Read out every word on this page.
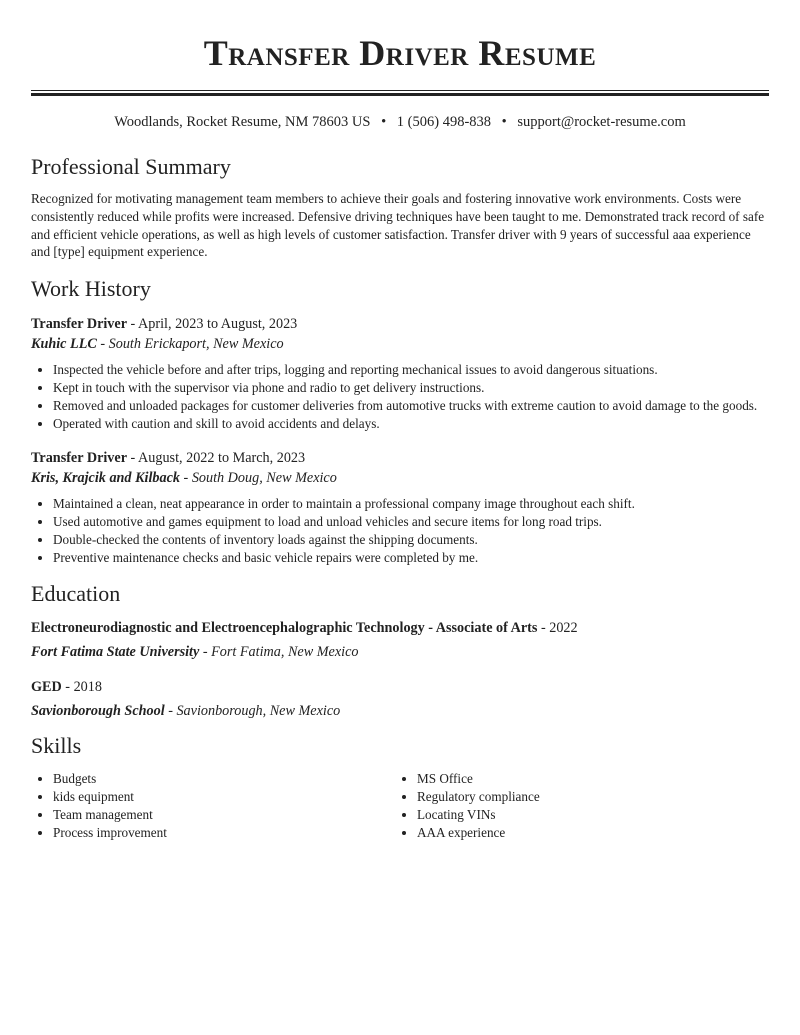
Transfer Driver Resume
Woodlands, Rocket Resume, NM 78603 US • 1 (506) 498-838 • support@rocket-resume.com
Professional Summary
Recognized for motivating management team members to achieve their goals and fostering innovative work environments. Costs were consistently reduced while profits were increased. Defensive driving techniques have been taught to me. Demonstrated track record of safe and efficient vehicle operations, as well as high levels of customer satisfaction. Transfer driver with 9 years of successful aaa experience and [type] equipment experience.
Work History
Transfer Driver - April, 2023 to August, 2023
Kuhic LLC - South Erickaport, New Mexico
• Inspected the vehicle before and after trips, logging and reporting mechanical issues to avoid dangerous situations.
• Kept in touch with the supervisor via phone and radio to get delivery instructions.
• Removed and unloaded packages for customer deliveries from automotive trucks with extreme caution to avoid damage to the goods.
• Operated with caution and skill to avoid accidents and delays.
Transfer Driver - August, 2022 to March, 2023
Kris, Krajcik and Kilback - South Doug, New Mexico
• Maintained a clean, neat appearance in order to maintain a professional company image throughout each shift.
• Used automotive and games equipment to load and unload vehicles and secure items for long road trips.
• Double-checked the contents of inventory loads against the shipping documents.
• Preventive maintenance checks and basic vehicle repairs were completed by me.
Education
Electroneurodiagnostic and Electroencephalographic Technology - Associate of Arts - 2022
Fort Fatima State University - Fort Fatima, New Mexico
GED - 2018
Savionborough School - Savionborough, New Mexico
Skills
• Budgets
• kids equipment
• Team management
• Process improvement
• MS Office
• Regulatory compliance
• Locating VINs
• AAA experience
